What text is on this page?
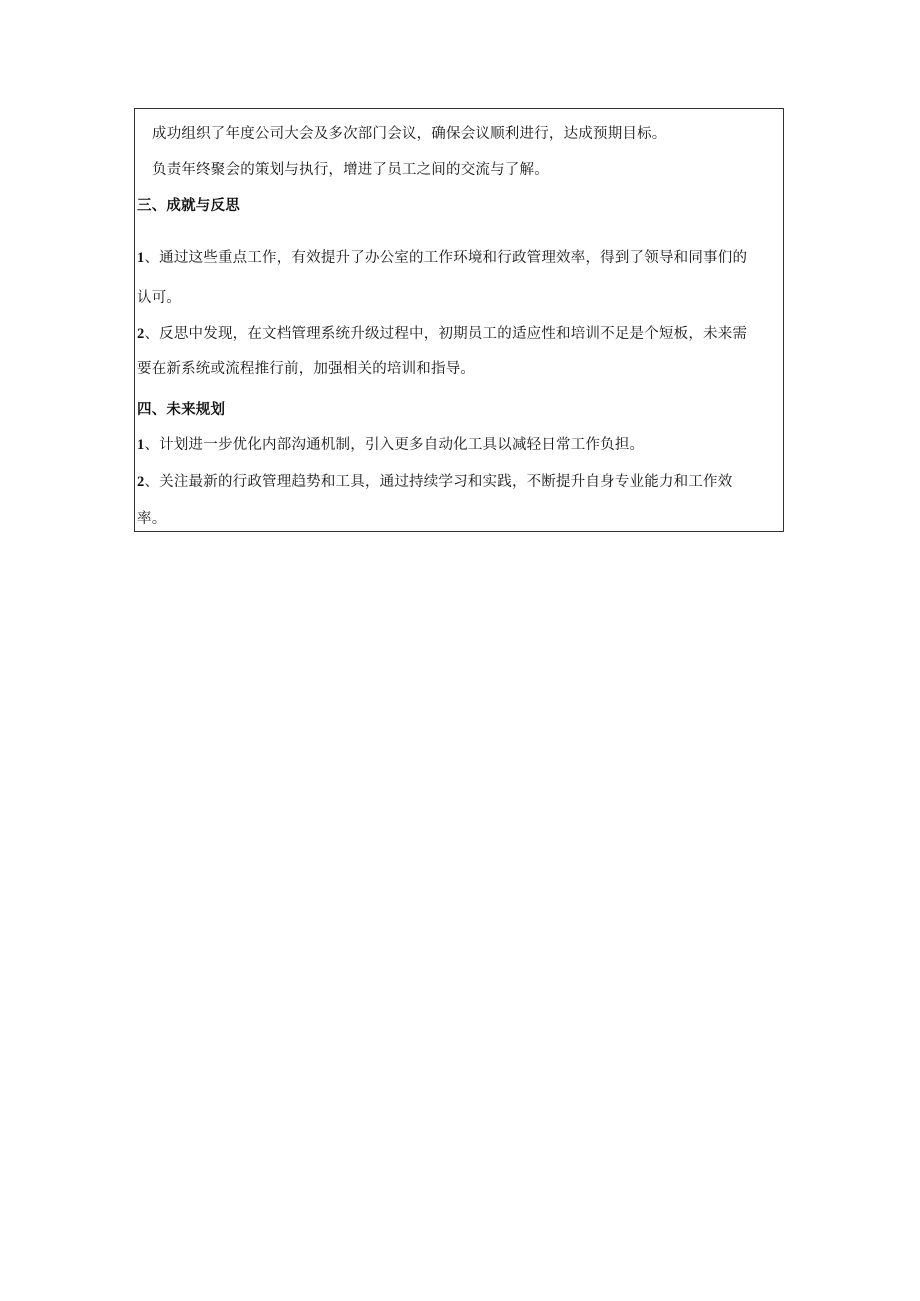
成功组织了年度公司大会及多次部门会议，确保会议顺利进行，达成预期目标。
负责年终聚会的策划与执行，增进了员工之间的交流与了解。
三、成就与反思
1、通过这些重点工作，有效提升了办公室的工作环境和行政管理效率，得到了领导和同事们的
认可。
2、反思中发现，在文档管理系统升级过程中，初期员工的适应性和培训不足是个短板，未来需
要在新系统或流程推行前，加强相关的培训和指导。
四、未来规划
1、计划进一步优化内部沟通机制，引入更多自动化工具以减轻日常工作负担。
2、关注最新的行政管理趋势和工具，通过持续学习和实践，不断提升自身专业能力和工作效
率。
